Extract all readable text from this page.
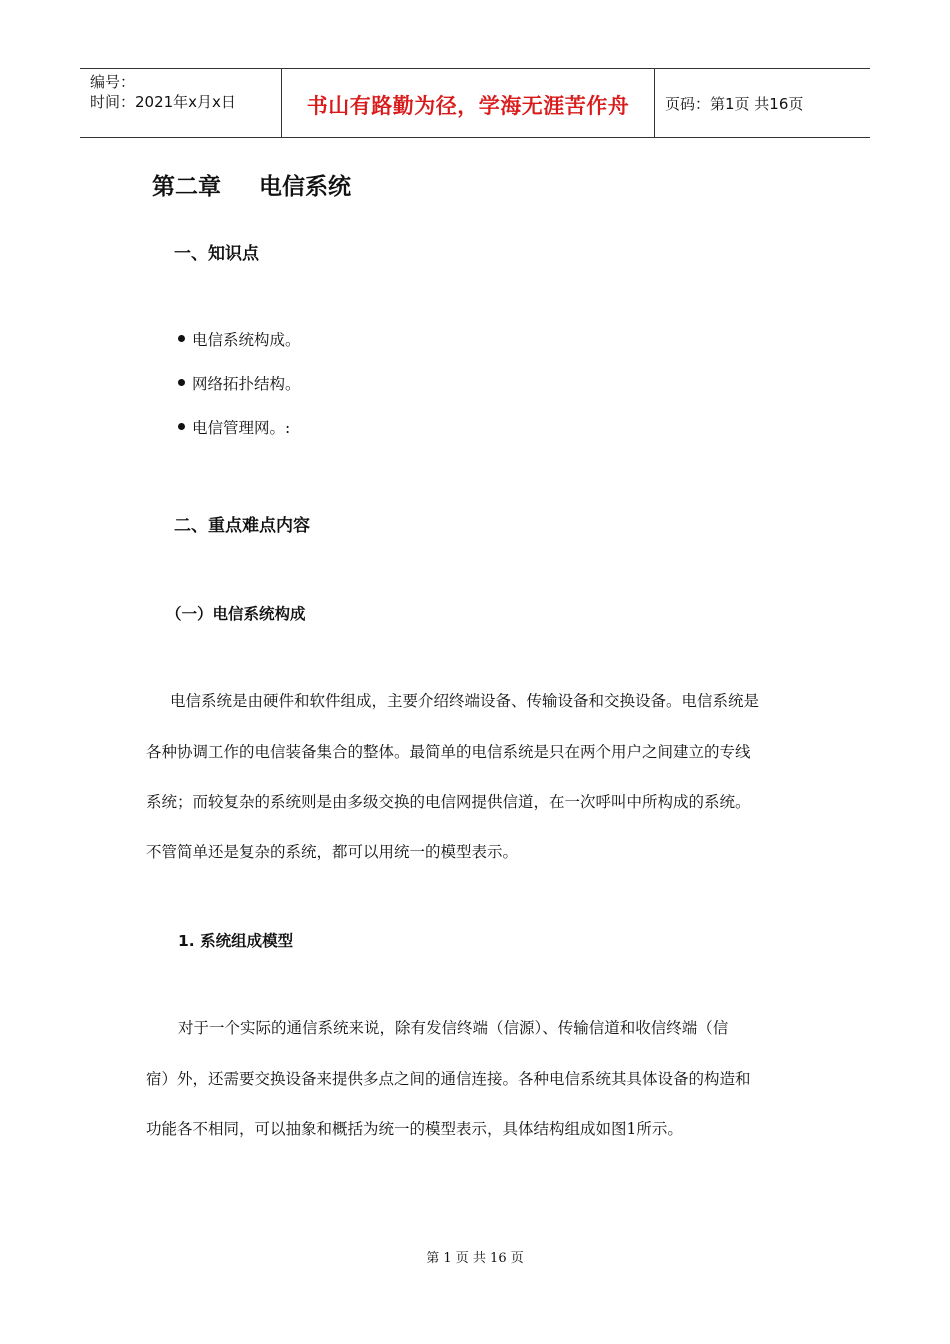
编号：
时间：2021年x月x日	书山有路勤为径，学海无涯苦作舟 页码：第1页 共16页
第二章 电信系统
一、知识点
电信系统构成。
网络拓扑结构。
电信管理网。:
二、重点难点内容
（一）电信系统构成
电信系统是由硬件和软件组成，主要介绍终端设备、传输设备和交换设备。电信系统是
各种协调工作的电信装备集合的整体。最简单的电信系统是只在两个用户之间建立的专线
系统；而较复杂的系统则是由多级交换的电信网提供信道，在一次呼叫中所构成的系统。
不管简单还是复杂的系统，都可以用统一的模型表示。
1. 系统组成模型
对于一个实际的通信系统来说，除有发信终端（信源）、传输信道和收信终端（信
宿）外，还需要交换设备来提供多点之间的通信连接。各种电信系统其具体设备的构造和
功能各不相同，可以抽象和概括为统一的模型表示，具体结构组成如图1所示。
第 1 页 共 16 页
